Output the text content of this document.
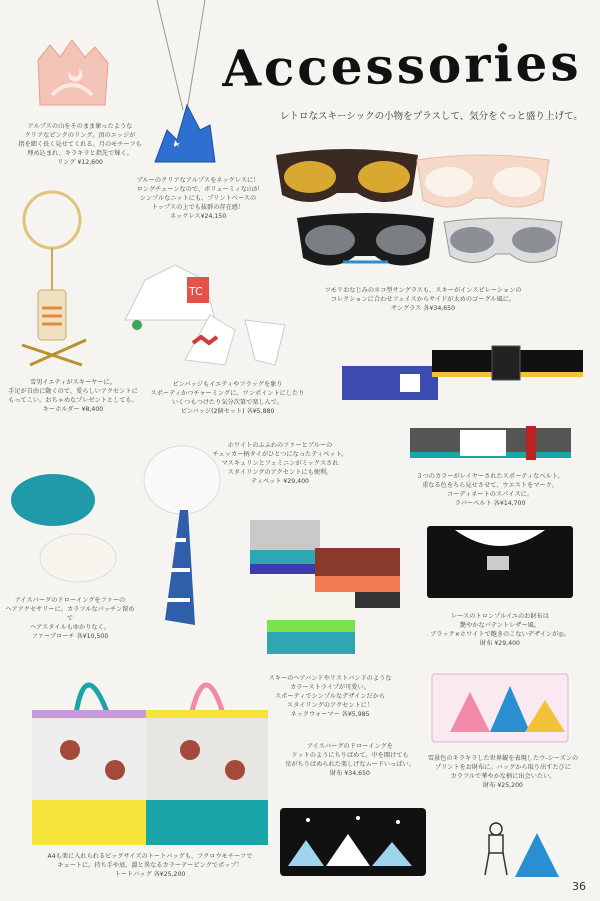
Accessories
レトロなスキーシックの小物をプラスして、気分をぐっと盛り上げて。
アルプスの山をそのまま象ったような
クリアなピンクのリング。頂のエッジが
指を細く長く見せてくれる。月のモチーフも
埋め込まれ、キラキラと指先で輝く。
リング ¥12,600
ブルーのクリアなアルプスをネックレスに！
ロングチェーンなので、ボリューミィな山が
シンプルなニットにも、プリントベースの
トップスの上でも抜群の存在感！
ネックレス¥24,150
ツモリおなじみのネコ型サングラスも、スキーがインスピレーションの
コレクションに合わせフェイスからサイドが太めのゴーグル風に。
サングラス 各¥34,650
雪男イエティがスキーヤーに。
手足が自由に動くので、愛らしいアクセントに
もってこい。おちゃめなプレゼントとしても。
キーホルダー ¥8,400
TC
ピンバッジもイエティやフラッグを象り
スポーティかつチャーミングに。ワンポイントにしたり
いくつもつけたり気分次第で楽しんで。
ピンバッジ(2個セット) 各¥5,880
３つのカラーがレイヤーされたスポーティなベルト。
重なる色をちら見せさせて、ウエストをマーク。
コーディネートのスパイスに。
ラバーベルト 各¥14,700
ホワイトのふふわのファーとブルーの
チェッカー柄タイがひとつになったティペット。
マスキュリンとフェミニンがミックスされ
スタイリングのアクセントにも便利。
ティペット ¥29,400
アイスバーグのドローイングをファーの
ヘアアクセサリーに。カラフルなパッチン留めで
ヘアスタイルもゆかりなく。
ファーブローチ 各¥10,500
スキーのヘアバンドやリストバンドのような
カラーストライプが可愛い。
スポーティでシンプルなデザインだから
スタイリングのアクセントに！
ネックウォーマー 各¥5,985
レースのトロンプルイユのお財布は
艶やかなパテントレザー風。
ブラック×ホワイトで飽きのこないデザインが◎。
財布 ¥29,400
雪景色のキラキラした世界観を表現したウ-シーズンの
プリントをお財布に。バッグから取り出すたびに
カラフルで華やかな柄に出会いたい。
財布 ¥25,200
アイスバーグのドローイングを
ドットのようにちりばめて。中を開けても
星がちりばめられた楽しげなムードいっぱい。
財布 ¥34,650
A4も楽に入れられるビッグサイズのトートバッグも、フクロウモチーフで
キュートに。持ち手や底、淵と異なるカラーテーピングでポップ！
トートバッグ 各¥25,200
36
